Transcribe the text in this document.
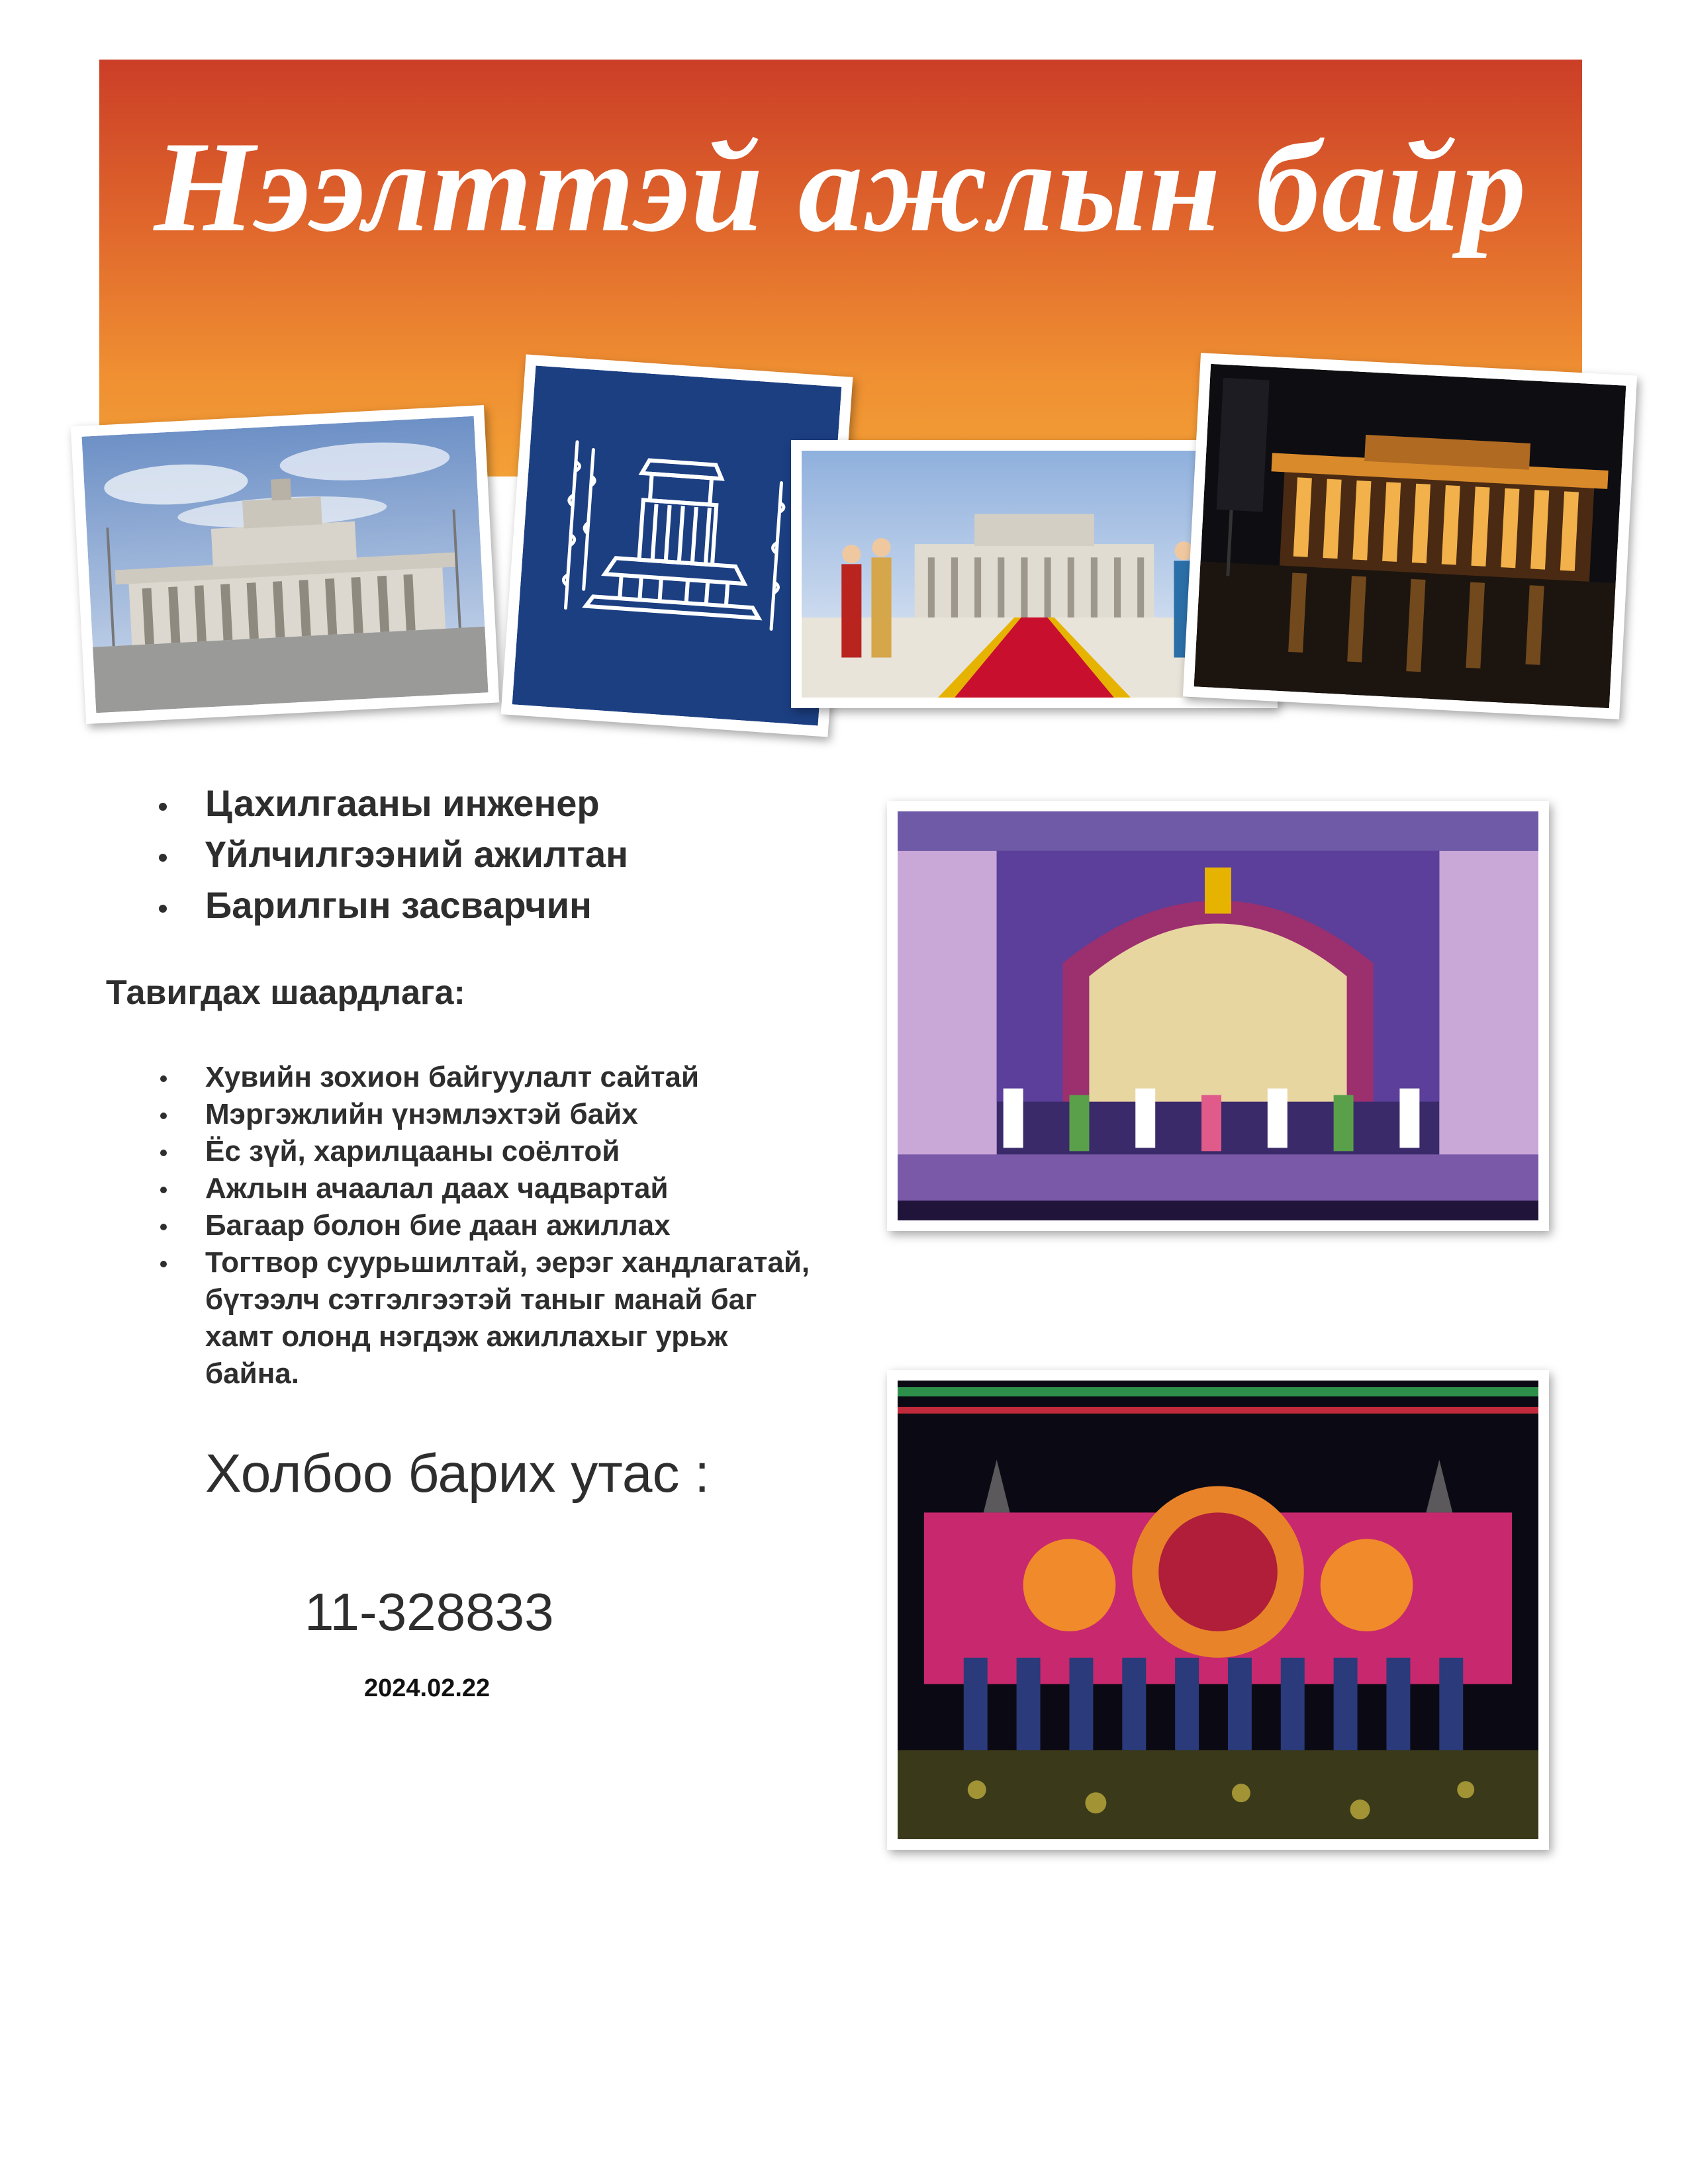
Нээлттэй ажлын байр
Цахилгааны инженер
Үйлчилгээний ажилтан
Барилгын засварчин
Тавигдах шаардлага:
Хувийн зохион байгуулалт сайтай
Мэргэжлийн үнэмлэхтэй байх
Ёс зүй, харилцааны соёлтой
Ажлын ачаалал даах чадвартай
Багаар болон бие даан ажиллах
Тогтвор суурьшилтай, эерэг хандлагатай, бүтээлч сэтгэлгээтэй таныг манай баг хамт олонд нэгдэж ажиллахыг урьж байна.
Холбоо барих утас :
11-328833
2024.02.22
